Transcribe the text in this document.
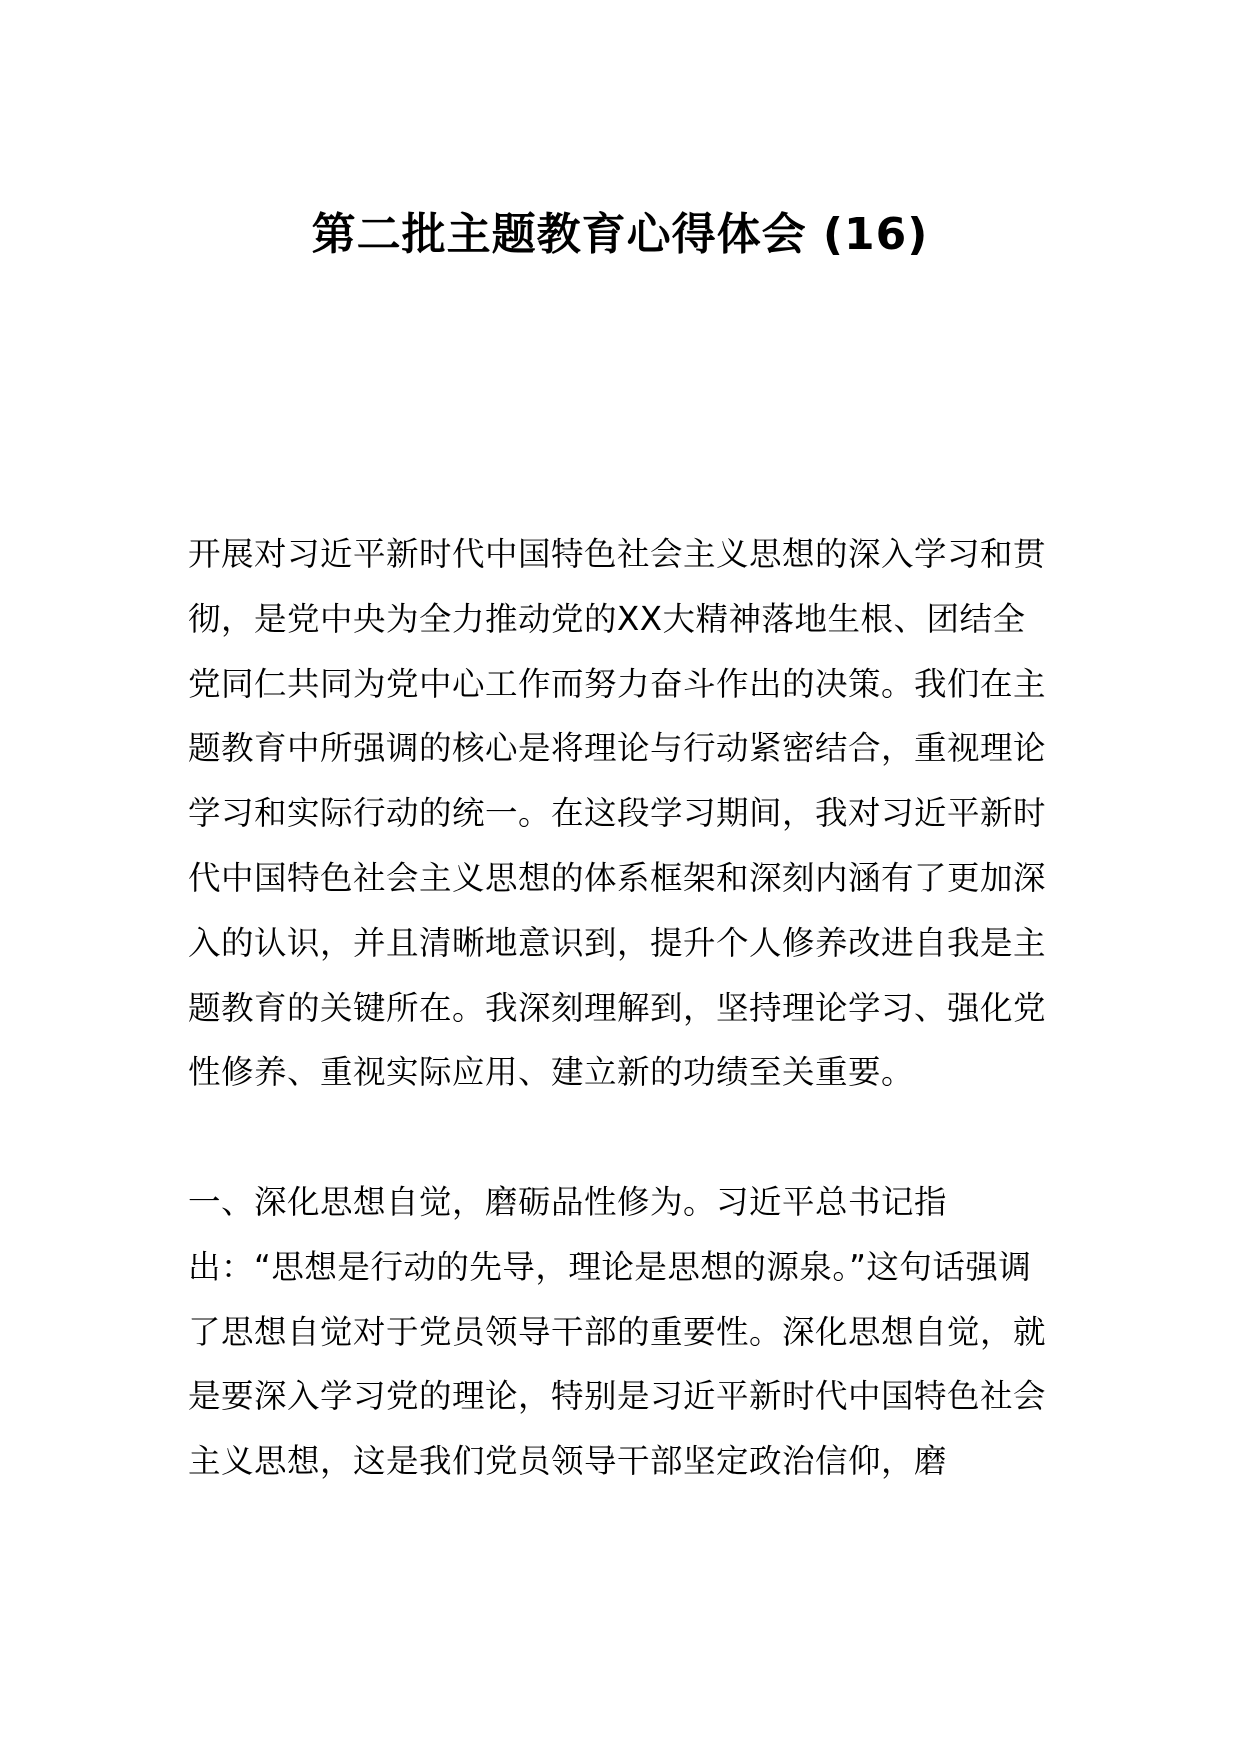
第二批主题教育心得体会 (16)

开展对习近平新时代中国特色社会主义思想的深入学习和贯彻，是党中央为全力推动党的XX大精神落地生根、团结全党同仁共同为党中心工作而努力奋斗作出的决策。我们在主题教育中所强调的核心是将理论与行动紧密结合，重视理论学习和实际行动的统一。在这段学习期间，我对习近平新时代中国特色社会主义思想的体系框架和深刻内涵有了更加深入的认识，并且清晰地意识到，提升个人修养改进自我是主题教育的关键所在。我深刻理解到，坚持理论学习、强化党性修养、重视实际应用、建立新的功绩至关重要。

一、深化思想自觉，磨砺品性修为。习近平总书记指出：“思想是行动的先导，理论是思想的源泉。”这句话强调了思想自觉对于党员领导干部的重要性。深化思想自觉，就是要深入学习党的理论，特别是习近平新时代中国特色社会主义思想，这是我们党员领导干部坚定政治信仰，磨
